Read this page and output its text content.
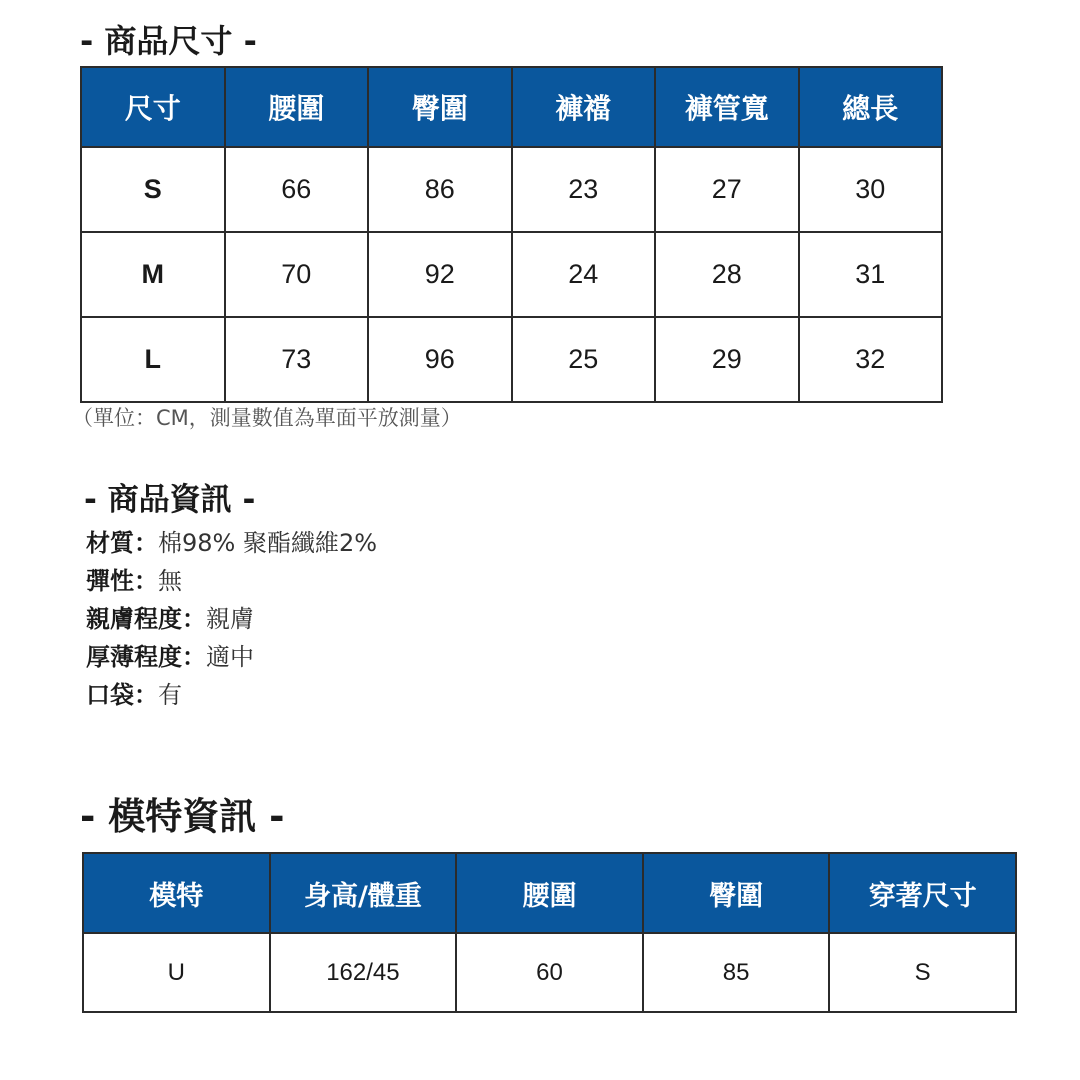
- 商品尺寸 -
尺寸	腰圍	臀圍	褲襠	褲管寬	總長
S	66	86	23	27	30
M	70	92	24	28	31
L	73	96	25	29	32
（單位：CM，測量數值為單面平放測量）
- 商品資訊 -
材質：棉98% 聚酯纖維2%
彈性：無
親膚程度：親膚
厚薄程度：適中
口袋：有
- 模特資訊 -
模特	身高/體重	腰圍	臀圍	穿著尺寸
U	162/45	60	85	S
